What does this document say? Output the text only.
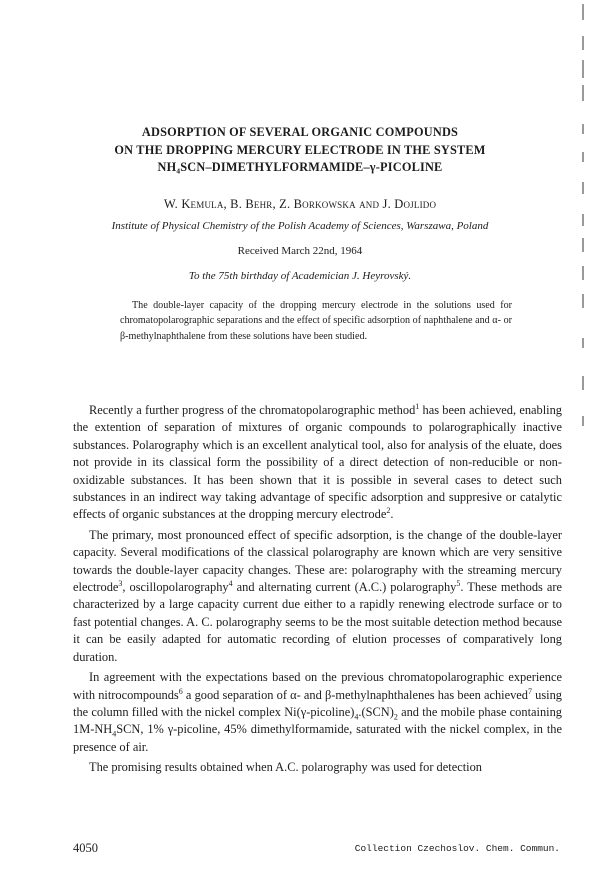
ADSORPTION OF SEVERAL ORGANIC COMPOUNDS
ON THE DROPPING MERCURY ELECTRODE IN THE SYSTEM
NH₄SCN–DIMETHYLFORMAMIDE–γ-PICOLINE
W. Kemula, B. Behr, Z. Borkowska and J. Dojlido
Institute of Physical Chemistry of the Polish Academy of Sciences, Warszawa, Poland
Received March 22nd, 1964
To the 75th birthday of Academician J. Heyrovský.
The double-layer capacity of the dropping mercury electrode in the solutions used for chromatopolarographic separations and the effect of specific adsorption of naphthalene and α- or β-methylnaphthalene from these solutions have been studied.

Recently a further progress of the chromatopolarographic method$^1$ has been achieved, enabling the extention of separation of mixtures of organic compounds to polarographically inactive substances. Polarography which is an excellent analytical tool, also for analysis of the eluate, does not provide in its classical form the possibility of a direct detection of non-reducible or non-oxidizable substances. It has been shown that it is possible in several cases to detect such substances in an indirect way taking advantage of specific adsorption and suppresive or catalytic effects of organic substances at the dropping mercury electrode$^2$.

The primary, most pronounced effect of specific adsorption, is the change of the double-layer capacity. Several modifications of the classical polarography are known which are very sensitive towards the double-layer capacity changes. These are: polarography with the streaming mercury electrode$^3$, oscillopolarography$^4$ and alternating current (A.C.) polarography$^5$. These methods are characterized by a large capacity current due either to a rapidly renewing electrode surface or to fast potential changes. A. C. polarography seems to be the most suitable detection method because it can be easily adapted for automatic recording of elution processes of comparatively long duration.

In agreement with the expectations based on the previous chromatopolarographic experience with nitrocompounds$^6$ a good separation of α- and β-methylnaphthalenes has been achieved$^7$ using the column filled with the nickel complex $Ni(\gamma-picoline)_4.(SCN)_2$ and the mobile phase containing $1M-NH_4SCN$, 1% γ-picoline, 45% dimethylformamide, saturated with the nickel complex, in the presence of air.

The promising results obtained when A.C. polarography was used for detection

4050	Collection Czechoslov. Chem. Commun.
